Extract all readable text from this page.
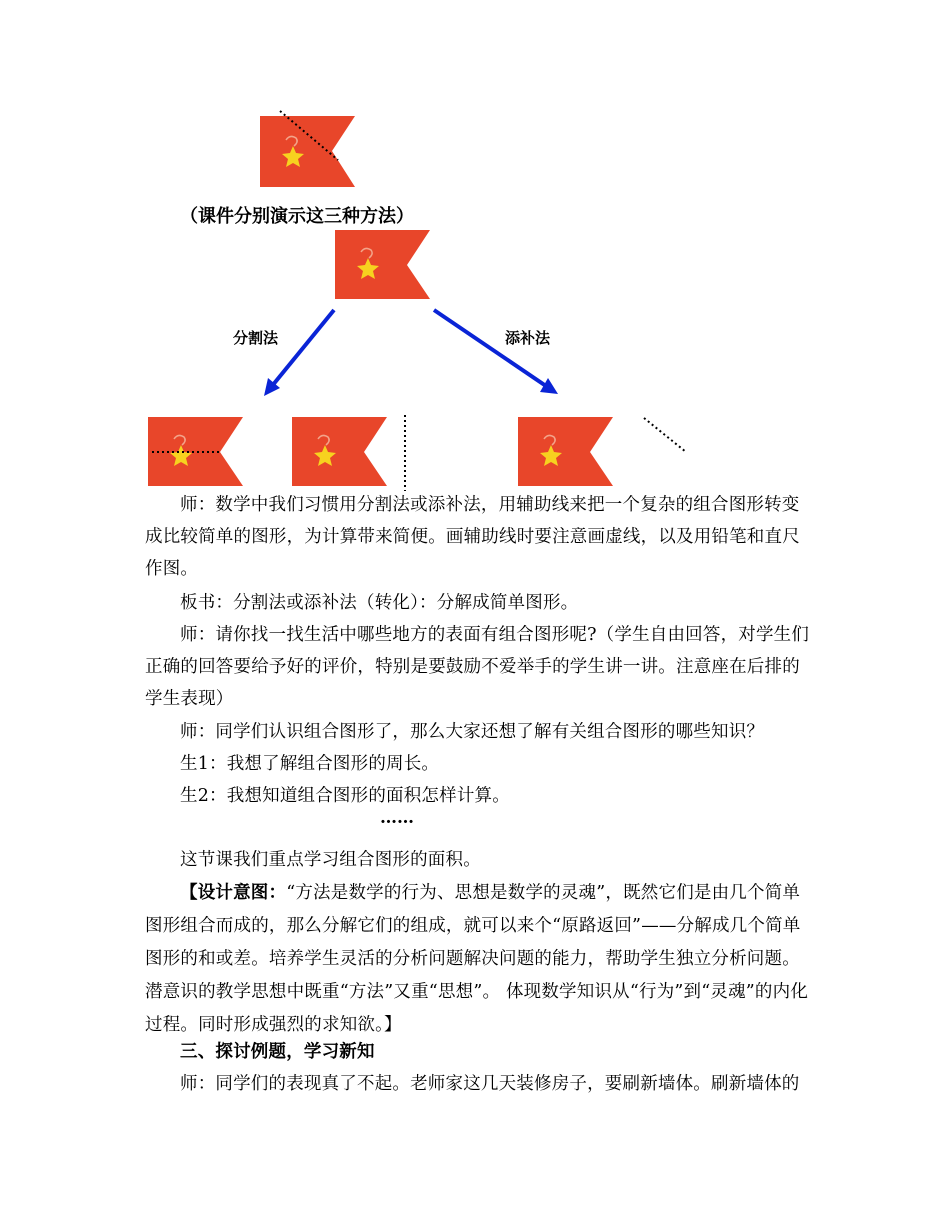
（课件分别演示这三种方法）
分割法	添补法
师：数学中我们习惯用分割法或添补法，用辅助线来把一个复杂的组合图形转变成比较简单的图形，为计算带来简便。画辅助线时要注意画虚线，以及用铅笔和直尺作图。
板书：分割法或添补法（转化）：分解成简单图形。
师：请你找一找生活中哪些地方的表面有组合图形呢?（学生自由回答，对学生们正确的回答要给予好的评价，特别是要鼓励不爱举手的学生讲一讲。注意座在后排的学生表现）
师：同学们认识组合图形了，那么大家还想了解有关组合图形的哪些知识？
生1：我想了解组合图形的周长。
生2：我想知道组合图形的面积怎样计算。
……
这节课我们重点学习组合图形的面积。
【设计意图：“方法是数学的行为、思想是数学的灵魂”，既然它们是由几个简单图形组合而成的，那么分解它们的组成，就可以来个“原路返回”——分解成几个简单图形的和或差。培养学生灵活的分析问题解决问题的能力，帮助学生独立分析问题。潜意识的教学思想中既重“方法”又重“思想”。 体现数学知识从“行为”到“灵魂”的内化过程。同时形成强烈的求知欲。】
三、探讨例题，学习新知
师：同学们的表现真了不起。老师家这几天装修房子，要刷新墙体。刷新墙体的
